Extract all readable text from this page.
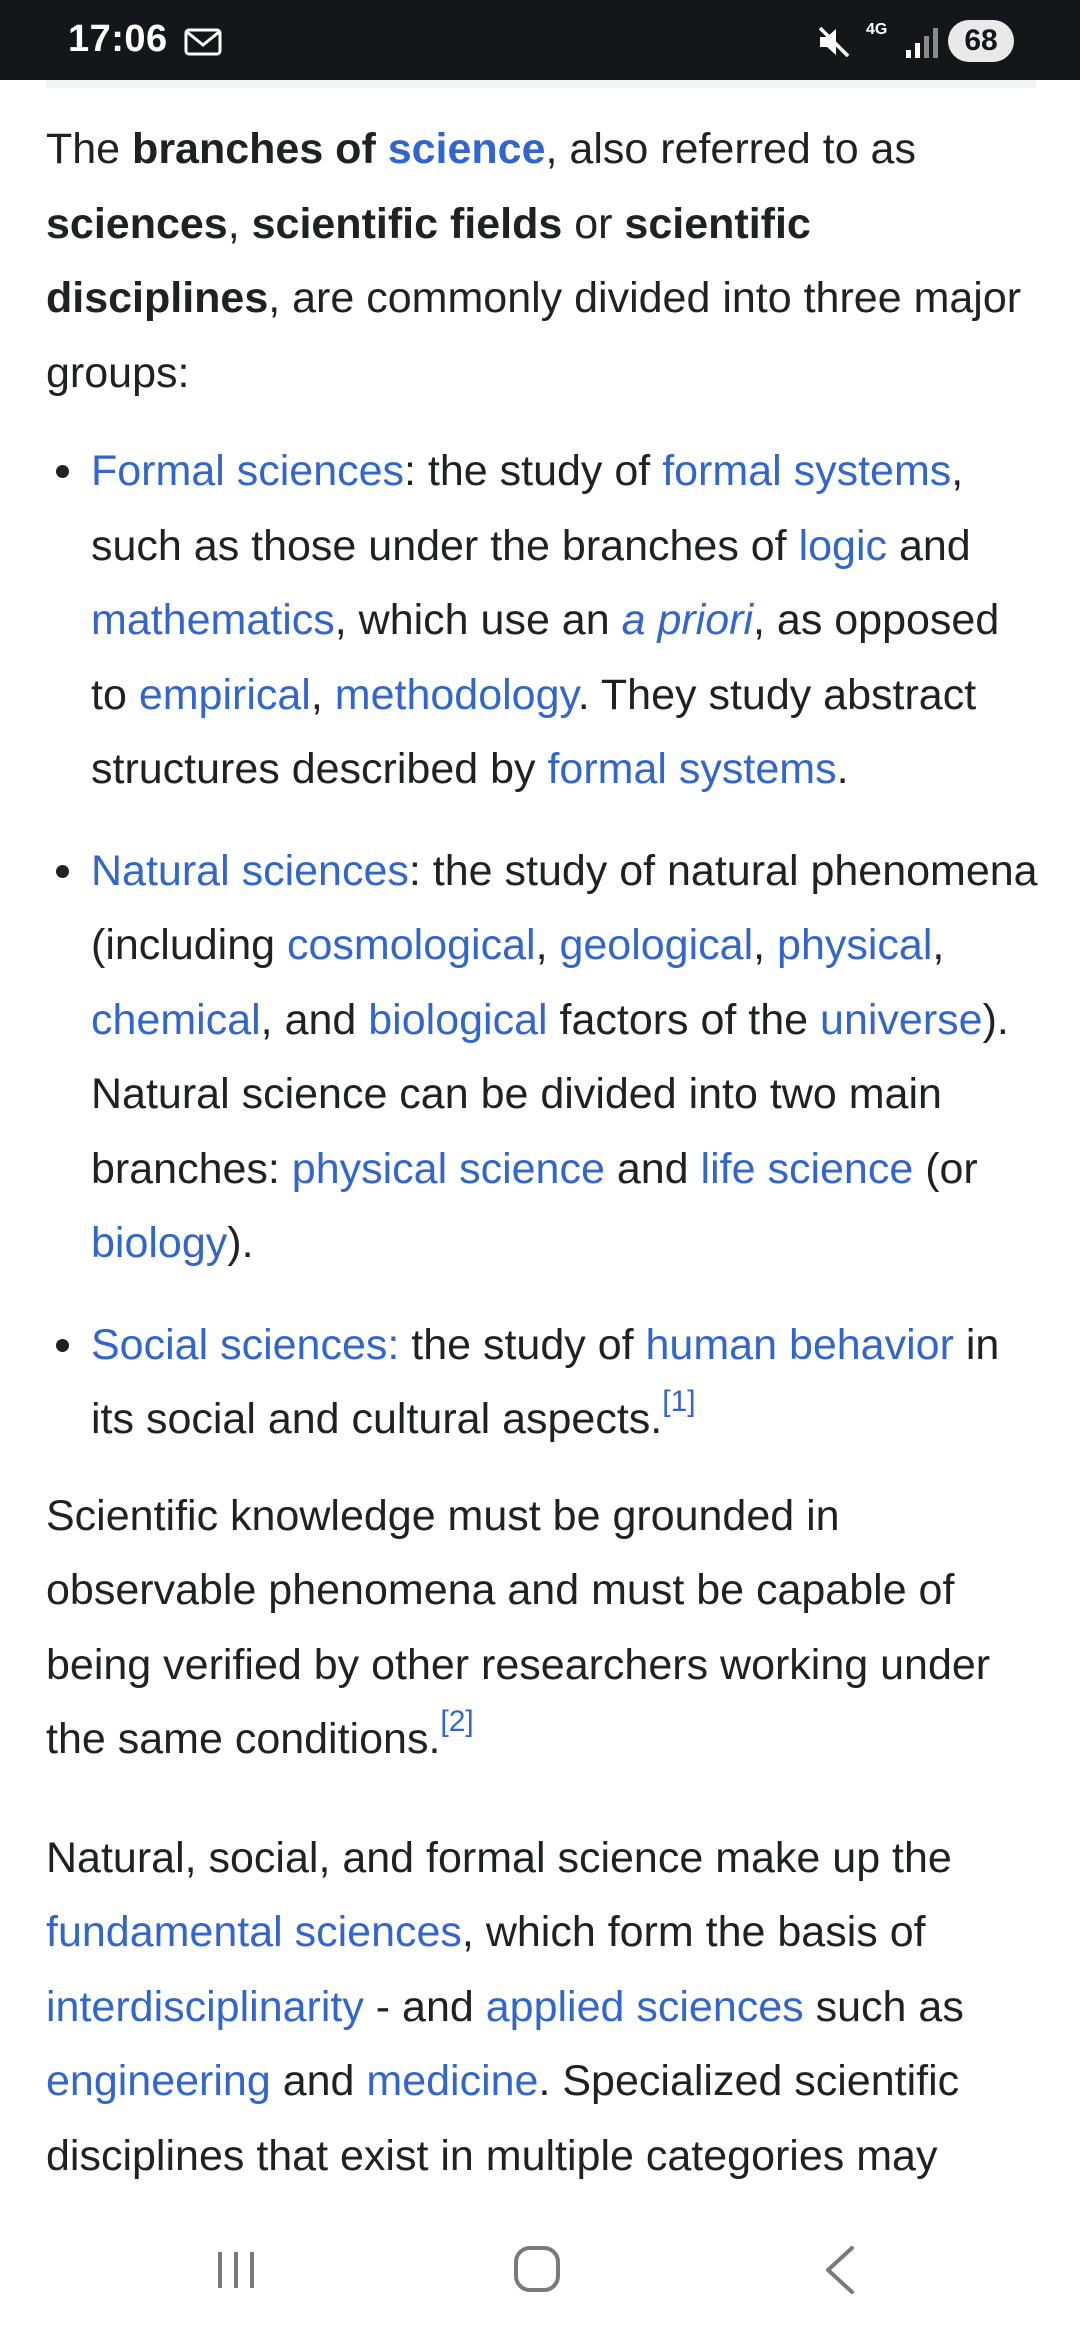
17:06	4G	68

The branches of science, also referred to as sciences, scientific fields or scientific disciplines, are commonly divided into three major groups:

Formal sciences: the study of formal systems, such as those under the branches of logic and mathematics, which use an a priori, as opposed to empirical, methodology. They study abstract structures described by formal systems.
Natural sciences: the study of natural phenomena (including cosmological, geological, physical, chemical, and biological factors of the universe). Natural science can be divided into two main branches: physical science and life science (or biology).
Social sciences: the study of human behavior in its social and cultural aspects.[1]

Scientific knowledge must be grounded in observable phenomena and must be capable of being verified by other researchers working under the same conditions.[2]

Natural, social, and formal science make up the fundamental sciences, which form the basis of interdisciplinarity - and applied sciences such as engineering and medicine. Specialized scientific disciplines that exist in multiple categories may
